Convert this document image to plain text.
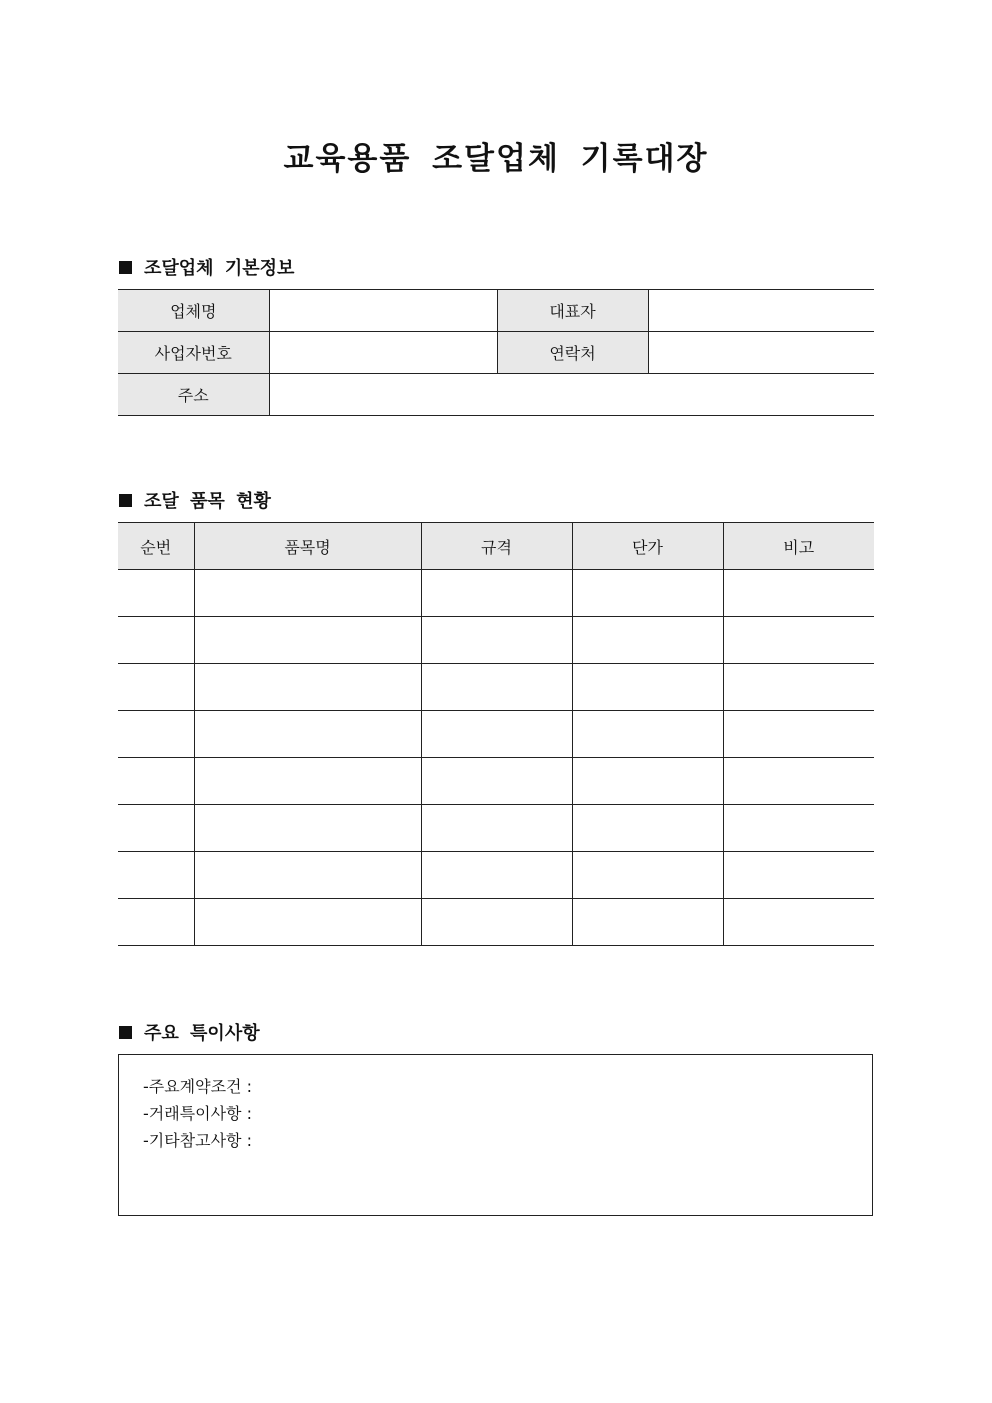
교육용품 조달업체 기록대장
조달업체 기본정보
업체명		대표자	
사업자번호		연락처	
주소			
조달 품목 현황
순번	품목명	규격	단가	비고

주요 특이사항
-주요계약조건 :
-거래특이사항 :
-기타참고사항 :
